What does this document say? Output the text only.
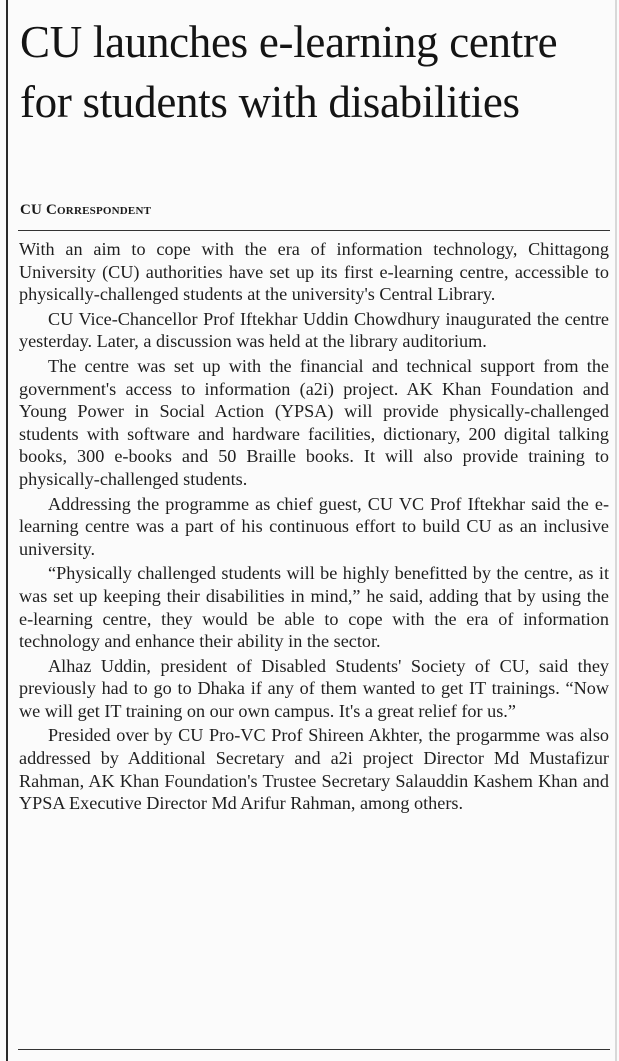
CU launches e-learning centre for students with disabilities
CU Correspondent

With an aim to cope with the era of information technology, Chittagong University (CU) authorities have set up its first e-learning centre, accessible to physically-challenged students at the university's Central Library.

CU Vice-Chancellor Prof Iftekhar Uddin Chowdhury inaugurated the centre yesterday. Later, a discussion was held at the library auditorium.

The centre was set up with the financial and technical support from the government's access to information (a2i) project. AK Khan Foundation and Young Power in Social Action (YPSA) will provide physically-challenged students with software and hardware facilities, dictionary, 200 digital talking books, 300 e-books and 50 Braille books. It will also provide training to physically-challenged students.

Addressing the programme as chief guest, CU VC Prof Iftekhar said the e-learning centre was a part of his continuous effort to build CU as an inclusive university.

“Physically challenged students will be highly benefitted by the centre, as it was set up keeping their disabilities in mind,” he said, adding that by using the e-learning centre, they would be able to cope with the era of information technology and enhance their ability in the sector.

Alhaz Uddin, president of Disabled Students' Society of CU, said they previously had to go to Dhaka if any of them wanted to get IT trainings. “Now we will get IT training on our own campus. It's a great relief for us.”

Presided over by CU Pro-VC Prof Shireen Akhter, the progarmme was also addressed by Additional Secretary and a2i project Director Md Mustafizur Rahman, AK Khan Foundation's Trustee Secretary Salauddin Kashem Khan and YPSA Executive Director Md Arifur Rahman, among others.
